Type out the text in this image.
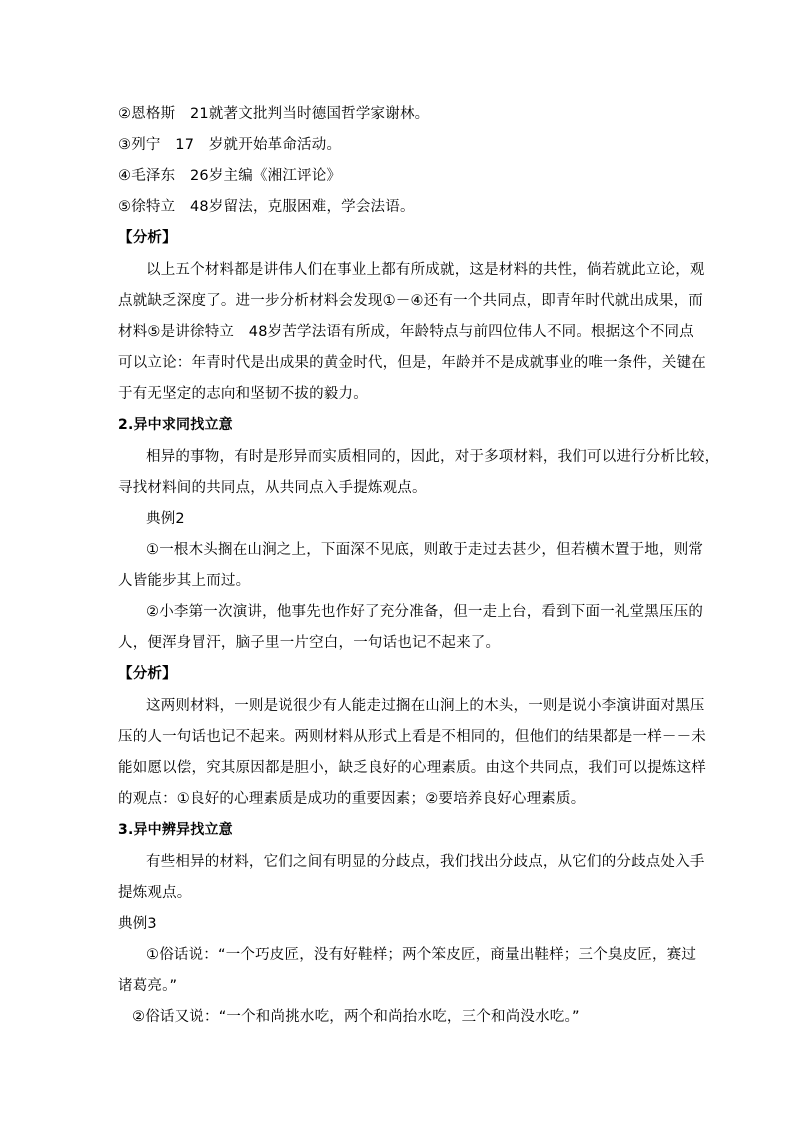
②恩格斯　21就著文批判当时德国哲学家谢林。
③列宁　17　岁就开始革命活动。
④毛泽东　26岁主编《湘江评论》
⑤徐特立　48岁留法，克服困难，学会法语。
【分析】
以上五个材料都是讲伟人们在事业上都有所成就，这是材料的共性，倘若就此立论，观
点就缺乏深度了。进一步分析材料会发现①－④还有一个共同点，即青年时代就出成果，而
材料⑤是讲徐特立　48岁苦学法语有所成，年龄特点与前四位伟人不同。根据这个不同点
可以立论：年青时代是出成果的黄金时代，但是，年龄并不是成就事业的唯一条件，关键在
于有无坚定的志向和坚韧不拔的毅力。
2.异中求同找立意
相异的事物，有时是形异而实质相同的，因此，对于多项材料，我们可以进行分析比较，
寻找材料间的共同点，从共同点入手提炼观点。
典例2
①一根木头搁在山涧之上，下面深不见底，则敢于走过去甚少，但若横木置于地，则常
人皆能步其上而过。
②小李第一次演讲，他事先也作好了充分准备，但一走上台，看到下面一礼堂黑压压的
人，便浑身冒汗，脑子里一片空白，一句话也记不起来了。
【分析】
这两则材料，一则是说很少有人能走过搁在山涧上的木头，一则是说小李演讲面对黑压
压的人一句话也记不起来。两则材料从形式上看是不相同的，但他们的结果都是一样－－未
能如愿以偿，究其原因都是胆小，缺乏良好的心理素质。由这个共同点，我们可以提炼这样
的观点：①良好的心理素质是成功的重要因素；②要培养良好心理素质。
3.异中辨异找立意
有些相异的材料，它们之间有明显的分歧点，我们找出分歧点，从它们的分歧点处入手
提炼观点。
典例3
①俗话说：“一个巧皮匠，没有好鞋样；两个笨皮匠，商量出鞋样；三个臭皮匠，赛过
诸葛亮。”
②俗话又说：“一个和尚挑水吃，两个和尚抬水吃，三个和尚没水吃。”
